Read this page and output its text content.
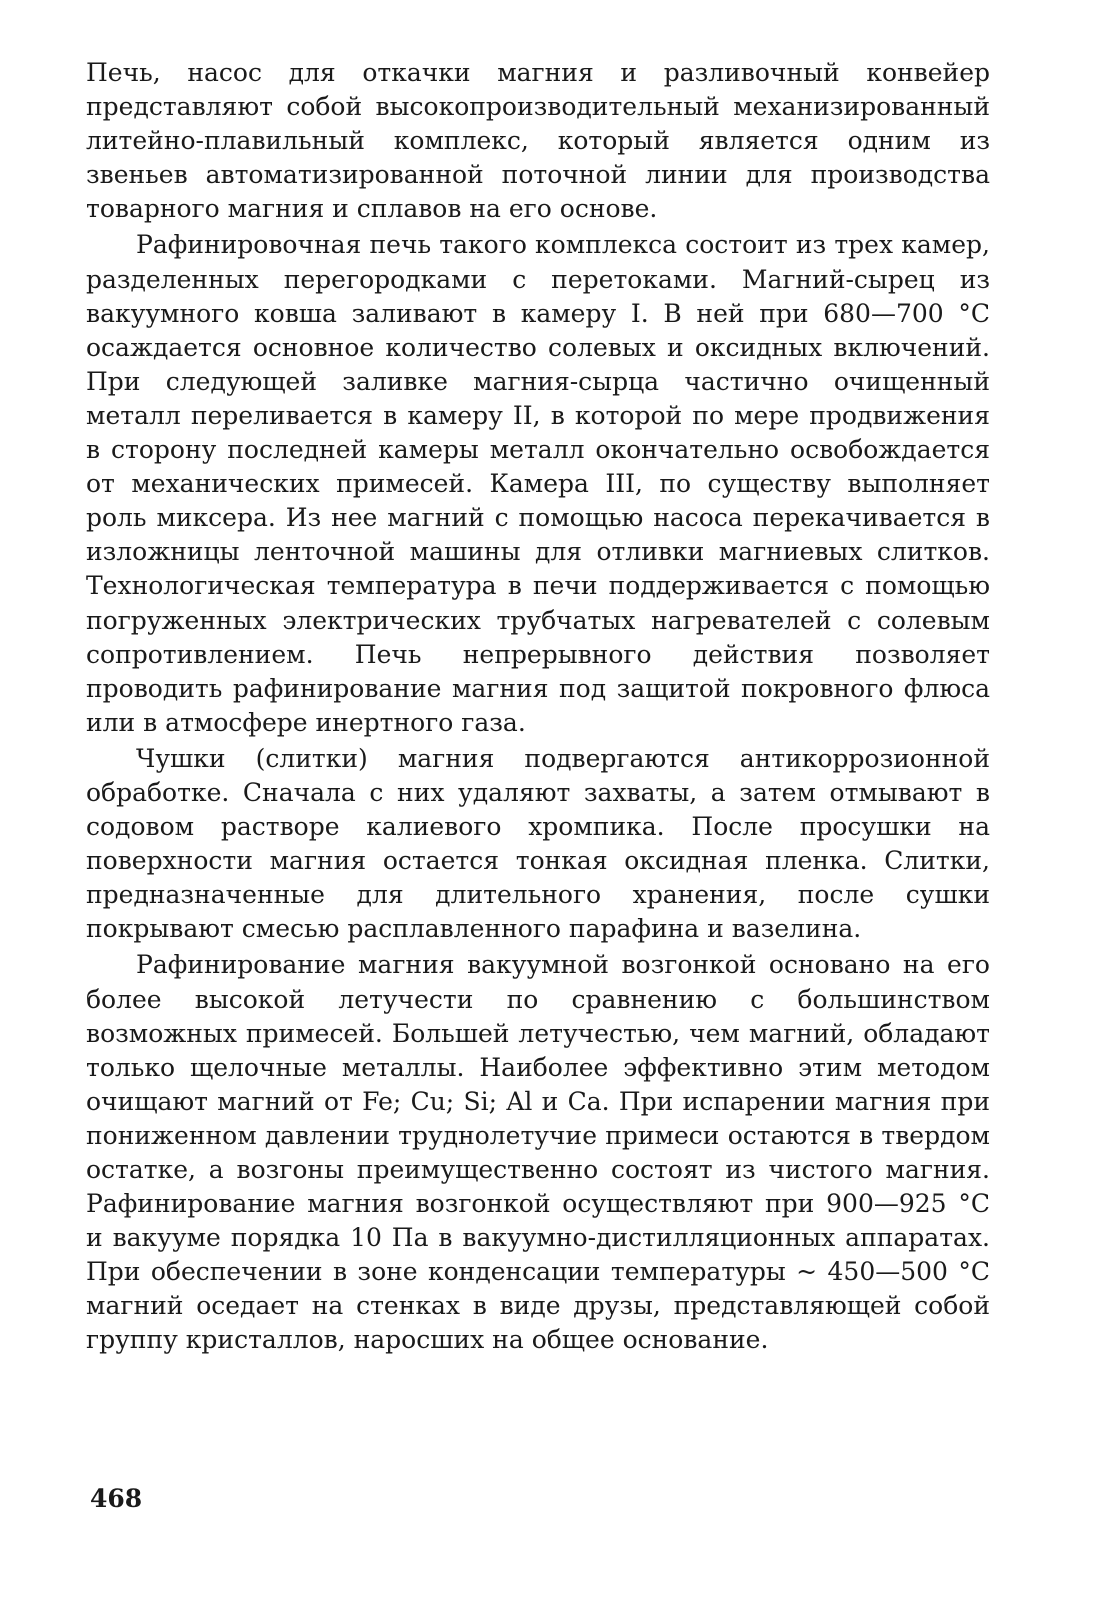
Печь, насос для откачки магния и разливочный конвейер представляют собой высокопроизводительный механизированный литейно-плавильный комплекс, который является одним из звеньев автоматизированной поточной линии для производства товарного магния и сплавов на его основе.

Рафинировочная печь такого комплекса состоит из трех камер, разделенных перегородками с перетоками. Магний-сырец из вакуумного ковша заливают в камеру I. В ней при 680—700 °С осаждается основное количество солевых и оксидных включений. При следующей заливке магния-сырца частично очищенный металл переливается в камеру II, в которой по мере продвижения в сторону последней камеры металл окончательно освобождается от механических примесей. Камера III, по существу выполняет роль миксера. Из нее магний с помощью насоса перекачивается в изложницы ленточной машины для отливки магниевых слитков. Технологическая температура в печи поддерживается с помощью погруженных электрических трубчатых нагревателей с солевым сопротивлением. Печь непрерывного действия позволяет проводить рафинирование магния под защитой покровного флюса или в атмосфере инертного газа.

Чушки (слитки) магния подвергаются антикоррозионной обработке. Сначала с них удаляют захваты, а затем отмывают в содовом растворе калиевого хромпика. После просушки на поверхности магния остается тонкая оксидная пленка. Слитки, предназначенные для длительного хранения, после сушки покрывают смесью расплавленного парафина и вазелина.

Рафинирование магния вакуумной возгонкой основано на его более высокой летучести по сравнению с большинством возможных примесей. Большей летучестью, чем магний, обладают только щелочные металлы. Наиболее эффективно этим методом очищают магний от Fe; Cu; Si; Al и Ca. При испарении магния при пониженном давлении труднолетучие примеси остаются в твердом остатке, а возгоны преимущественно состоят из чистого магния. Рафинирование магния возгонкой осуществляют при 900—925 °С и вакууме порядка 10 Па в вакуумно-дистилляционных аппаратах. При обеспечении в зоне конденсации температуры ~ 450—500 °С магний оседает на стенках в виде друзы, представляющей собой группу кристаллов, наросших на общее основание.

468
